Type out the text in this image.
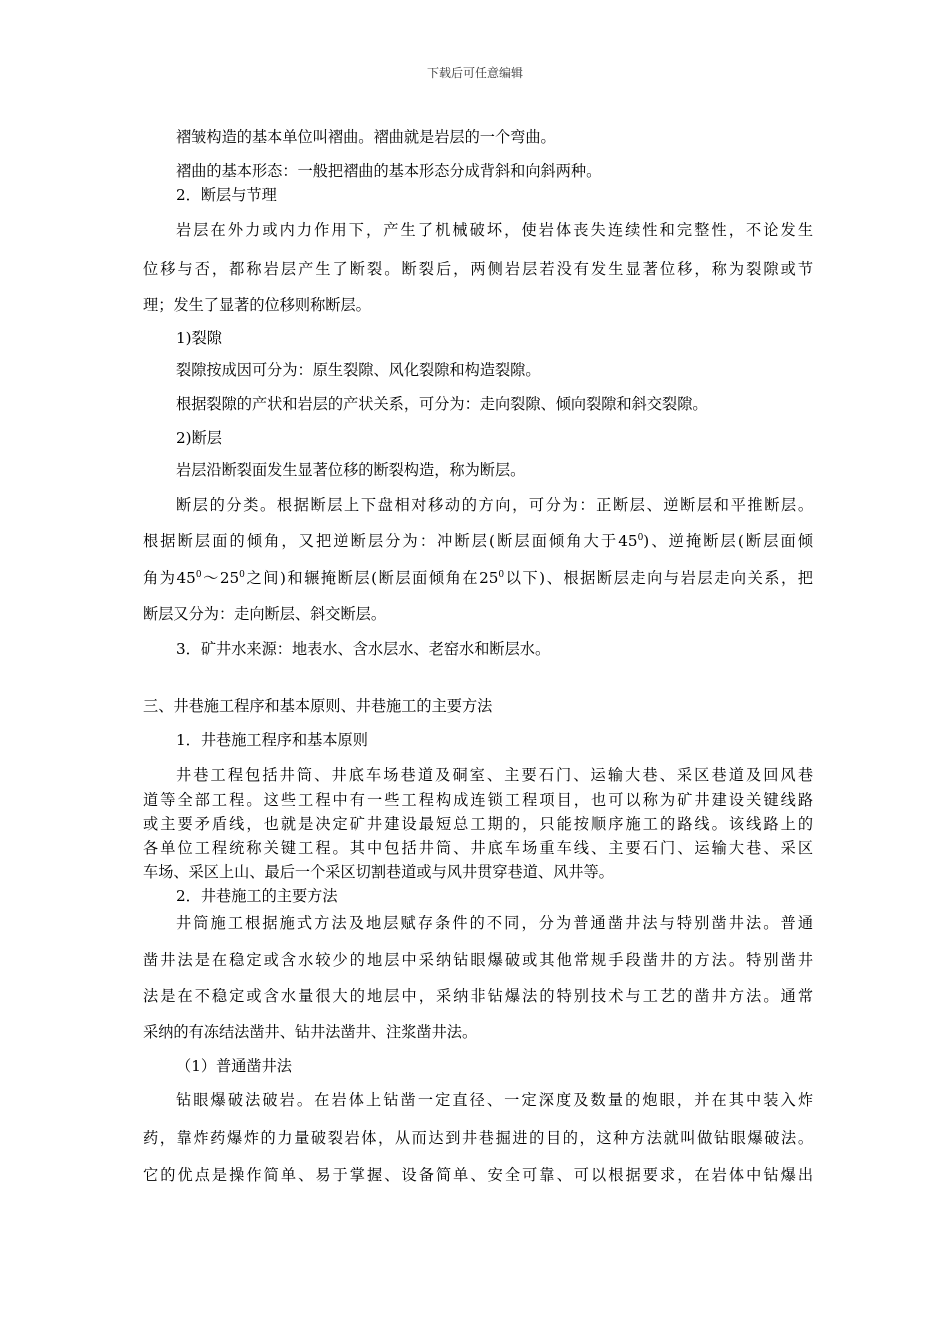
下载后可任意编辑
褶皱构造的基本单位叫褶曲。褶曲就是岩层的一个弯曲。
褶曲的基本形态：一般把褶曲的基本形态分成背斜和向斜两种。
2．断层与节理
岩层在外力或内力作用下，产生了机械破坏，使岩体丧失连续性和完整性，不论发生
位移与否，都称岩层产生了断裂。断裂后，两侧岩层若没有发生显著位移，称为裂隙或节
理；发生了显著的位移则称断层。
1)裂隙
裂隙按成因可分为：原生裂隙、风化裂隙和构造裂隙。
根据裂隙的产状和岩层的产状关系，可分为：走向裂隙、倾向裂隙和斜交裂隙。
2)断层
岩层沿断裂面发生显著位移的断裂构造，称为断层。
断层的分类。根据断层上下盘相对移动的方向，可分为：正断层、逆断层和平推断层。
根据断层面的倾角，又把逆断层分为：冲断层(断层面倾角大于$45^0$)、逆掩断层(断层面倾
角为$45^0\sim 25^0$之间)和辗掩断层(断层面倾角在$25^0$以下)、根据断层走向与岩层走向关系，把
断层又分为：走向断层、斜交断层。
3．矿井水来源：地表水、含水层水、老窑水和断层水。
三、井巷施工程序和基本原则、井巷施工的主要方法
1．井巷施工程序和基本原则
井巷工程包括井筒、井底车场巷道及硐室、主要石门、运输大巷、采区巷道及回风巷
道等全部工程。这些工程中有一些工程构成连锁工程项目，也可以称为矿井建设关键线路
或主要矛盾线，也就是决定矿井建设最短总工期的，只能按顺序施工的路线。该线路上的
各单位工程统称关键工程。其中包括井筒、井底车场重车线、主要石门、运输大巷、采区
车场、采区上山、最后一个采区切割巷道或与风井贯穿巷道、风井等。
2．井巷施工的主要方法
井筒施工根据施式方法及地层赋存条件的不同，分为普通凿井法与特别凿井法。普通
凿井法是在稳定或含水较少的地层中采纳钻眼爆破或其他常规手段凿井的方法。特别凿井
法是在不稳定或含水量很大的地层中，采纳非钻爆法的特别技术与工艺的凿井方法。通常
采纳的有冻结法凿井、钻井法凿井、注浆凿井法。
（1）普通凿井法
钻眼爆破法破岩。在岩体上钻凿一定直径、一定深度及数量的炮眼，并在其中装入炸
药，靠炸药爆炸的力量破裂岩体，从而达到井巷掘进的目的，这种方法就叫做钻眼爆破法。
它的优点是操作简单、易于掌握、设备简单、安全可靠、可以根据要求，在岩体中钻爆出
